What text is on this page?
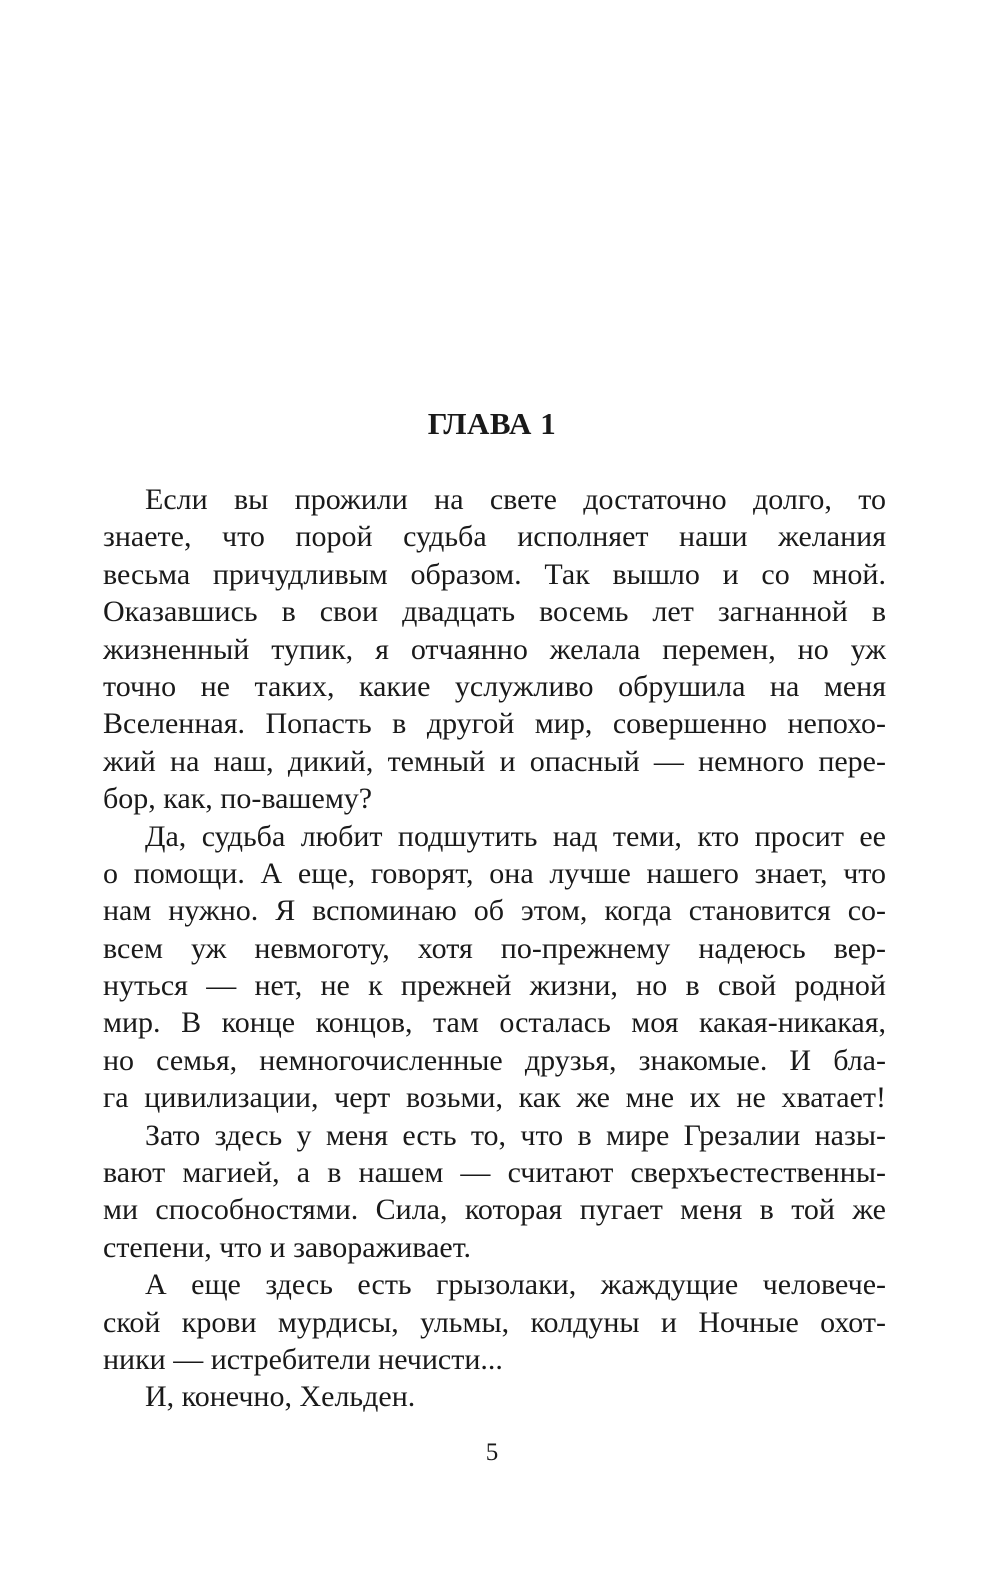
ГЛАВА 1
Если вы прожили на свете достаточно долго, то
знаете, что порой судьба исполняет наши желания
весьма причудливым образом. Так вышло и со мной.
Оказавшись в свои двадцать восемь лет загнанной в
жизненный тупик, я отчаянно желала перемен, но уж
точно не таких, какие услужливо обрушила на меня
Вселенная. Попасть в другой мир, совершенно непохо-
жий на наш, дикий, темный и опасный — немного пере-
бор, как, по-вашему?
Да, судьба любит подшутить над теми, кто просит ее
о помощи. А еще, говорят, она лучше нашего знает, что
нам нужно. Я вспоминаю об этом, когда становится со-
всем уж невмоготу, хотя по-прежнему надеюсь вер-
нуться — нет, не к прежней жизни, но в свой родной
мир. В конце концов, там осталась моя какая-никакая,
но семья, немногочисленные друзья, знакомые. И бла-
га цивилизации, черт возьми, как же мне их не хватает!
Зато здесь у меня есть то, что в мире Грезалии назы-
вают магией, а в нашем — считают сверхъестественны-
ми способностями. Сила, которая пугает меня в той же
степени, что и завораживает.
А еще здесь есть грызолаки, жаждущие человече-
ской крови мурдисы, ульмы, колдуны и Ночные охот-
ники — истребители нечисти...
И, конечно, Хельден.
5
